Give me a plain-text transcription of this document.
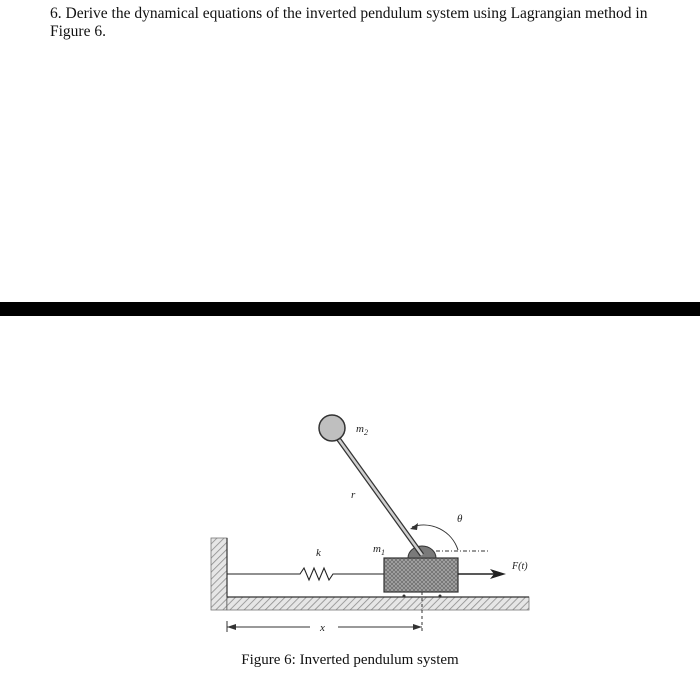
6. Derive the dynamical equations of the inverted pendulum system using Lagrangian method in Figure 6.

k
θ
$m_2$
r
$m_1$
F(t)
x

Figure 6: Inverted pendulum system
